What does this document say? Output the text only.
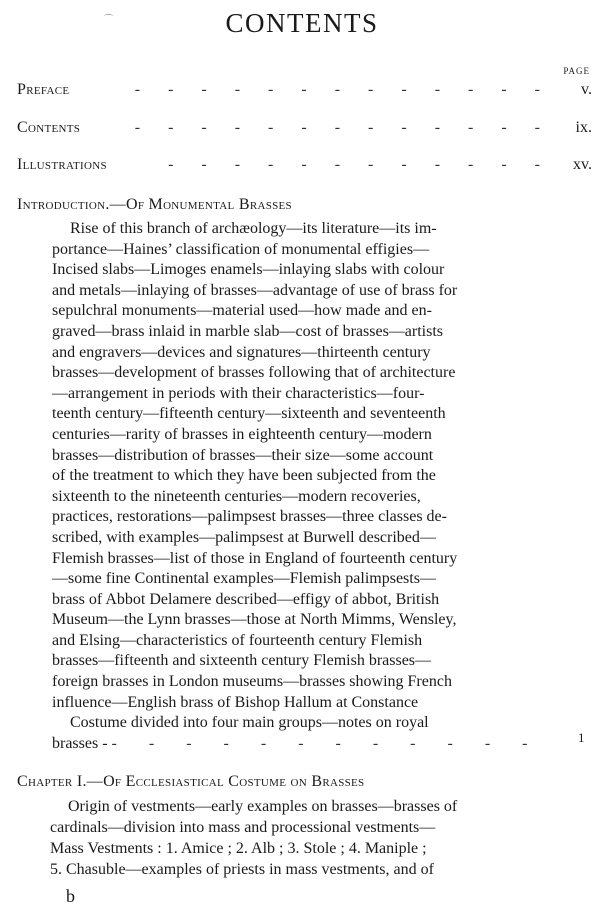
⌒	CONTENTS
PAGE
Preface	- - - - - - - - - - - - - v.
Contents	- - - - - - - - - - - - - ix.
Illustrations	- - - - - - - - - - - - xv.
Introduction.—Of Monumental Brasses
Rise of this branch of archæology—its literature—its im-
portance—Haines’ classification of monumental effigies—
Incised slabs—Limoges enamels—inlaying slabs with colour
and metals—inlaying of brasses—advantage of use of brass for
sepulchral monuments—material used—how made and en-
graved—brass inlaid in marble slab—cost of brasses—artists
and engravers—devices and signatures—thirteenth century
brasses—development of brasses following that of architecture
—arrangement in periods with their characteristics—four-
teenth century—fifteenth century—sixteenth and seventeenth
centuries—rarity of brasses in eighteenth century—modern
brasses—distribution of brasses—their size—some account
of the treatment to which they have been subjected from the
sixteenth to the nineteenth centuries—modern recoveries,
practices, restorations—palimpsest brasses—three classes de-
scribed, with examples—palimpsest at Burwell described—
Flemish brasses—list of those in England of fourteenth century
—some fine Continental examples—Flemish palimpsests—
brass of Abbot Delamere described—effigy of abbot, British
Museum—the Lynn brasses—those at North Mimms, Wensley,
and Elsing—characteristics of fourteenth century Flemish
brasses—fifteenth and sixteenth century Flemish brasses—
foreign brasses in London museums—brasses showing French
influence—English brass of Bishop Hallum at Constance
Costume divided into four main groups—notes on royal
brasses - - - - - - - - - - - - -	1
Chapter I.—Of Ecclesiastical Costume on Brasses
Origin of vestments—early examples on brasses—brasses of
cardinals—division into mass and processional vestments—
Mass Vestments : 1. Amice ; 2. Alb ; 3. Stole ; 4. Maniple ;
5. Chasuble—examples of priests in mass vestments, and of
b
